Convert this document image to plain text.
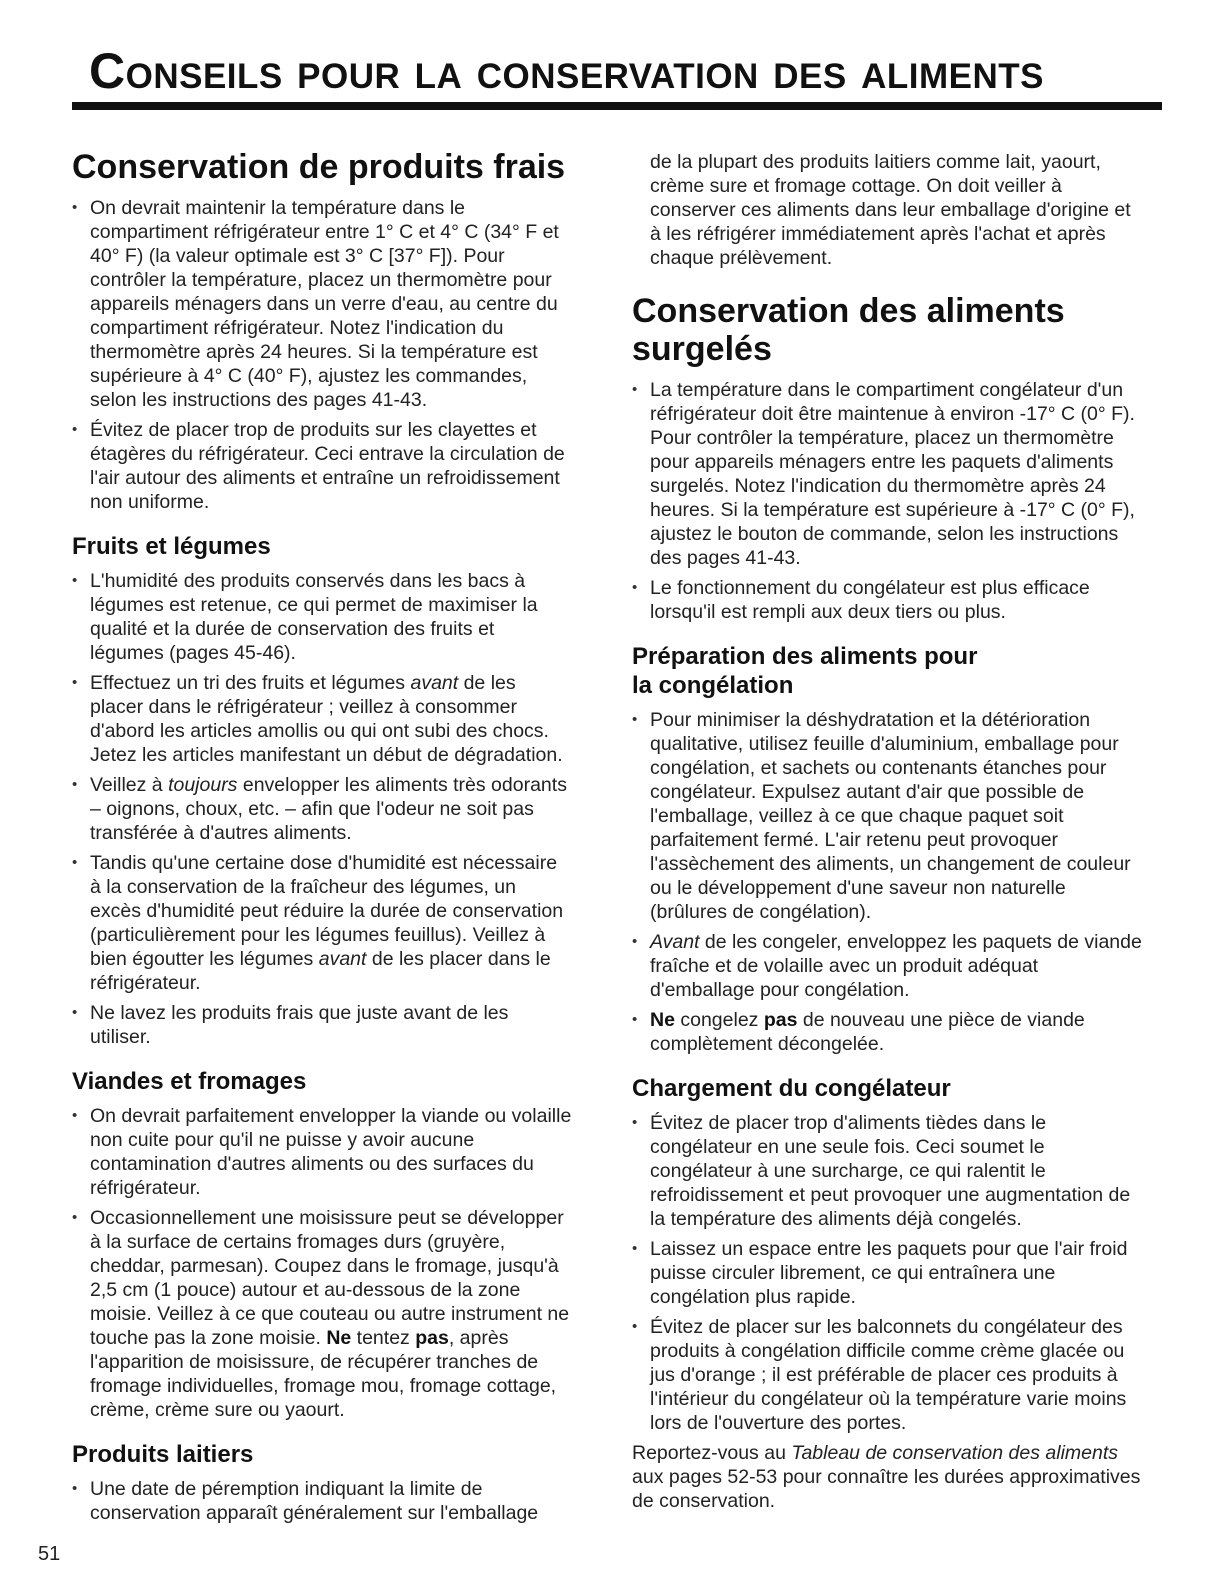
Conseils pour la conservation des aliments
Conservation de produits frais
• On devrait maintenir la température dans le compartiment réfrigérateur entre 1° C et 4° C (34° F et 40° F) (la valeur optimale est 3° C [37° F]). Pour contrôler la température, placez un thermomètre pour appareils ménagers dans un verre d'eau, au centre du compartiment réfrigérateur. Notez l'indication du thermomètre après 24 heures. Si la température est supérieure à 4° C (40° F), ajustez les commandes, selon les instructions des pages 41-43.
• Évitez de placer trop de produits sur les clayettes et étagères du réfrigérateur. Ceci entrave la circulation de l'air autour des aliments et entraîne un refroidissement non uniforme.
Fruits et légumes
• L'humidité des produits conservés dans les bacs à légumes est retenue, ce qui permet de maximiser la qualité et la durée de conservation des fruits et légumes (pages 45-46).
• Effectuez un tri des fruits et légumes avant de les placer dans le réfrigérateur ; veillez à consommer d'abord les articles amollis ou qui ont subi des chocs. Jetez les articles manifestant un début de dégradation.
• Veillez à toujours envelopper les aliments très odorants – oignons, choux, etc. – afin que l'odeur ne soit pas transférée à d'autres aliments.
• Tandis qu'une certaine dose d'humidité est nécessaire à la conservation de la fraîcheur des légumes, un excès d'humidité peut réduire la durée de conservation (particulièrement pour les légumes feuillus). Veillez à bien égoutter les légumes avant de les placer dans le réfrigérateur.
• Ne lavez les produits frais que juste avant de les utiliser.
Viandes et fromages
• On devrait parfaitement envelopper la viande ou volaille non cuite pour qu'il ne puisse y avoir aucune contamination d'autres aliments ou des surfaces du réfrigérateur.
• Occasionnellement une moisissure peut se développer à la surface de certains fromages durs (gruyère, cheddar, parmesan). Coupez dans le fromage, jusqu'à 2,5 cm (1 pouce) autour et au-dessous de la zone moisie. Veillez à ce que couteau ou autre instrument ne touche pas la zone moisie. Ne tentez pas, après l'apparition de moisissure, de récupérer tranches de fromage individuelles, fromage mou, fromage cottage, crème, crème sure ou yaourt.
Produits laitiers
• Une date de péremption indiquant la limite de conservation apparaît généralement sur l'emballage

de la plupart des produits laitiers comme lait, yaourt, crème sure et fromage cottage. On doit veiller à conserver ces aliments dans leur emballage d'origine et à les réfrigérer immédiatement après l'achat et après chaque prélèvement.

Conservation des aliments surgelés
• La température dans le compartiment congélateur d'un réfrigérateur doit être maintenue à environ -17° C (0° F). Pour contrôler la température, placez un thermomètre pour appareils ménagers entre les paquets d'aliments surgelés. Notez l'indication du thermomètre après 24 heures. Si la température est supérieure à -17° C (0° F), ajustez le bouton de commande, selon les instructions des pages 41-43.
• Le fonctionnement du congélateur est plus efficace lorsqu'il est rempli aux deux tiers ou plus.
Préparation des aliments pour
la congélation
• Pour minimiser la déshydratation et la détérioration qualitative, utilisez feuille d'aluminium, emballage pour congélation, et sachets ou contenants étanches pour congélateur. Expulsez autant d'air que possible de l'emballage, veillez à ce que chaque paquet soit parfaitement fermé. L'air retenu peut provoquer l'assèchement des aliments, un changement de couleur ou le développement d'une saveur non naturelle (brûlures de congélation).
• Avant de les congeler, enveloppez les paquets de viande fraîche et de volaille avec un produit adéquat d'emballage pour congélation.
• Ne congelez pas de nouveau une pièce de viande complètement décongelée.
Chargement du congélateur
• Évitez de placer trop d'aliments tièdes dans le congélateur en une seule fois. Ceci soumet le congélateur à une surcharge, ce qui ralentit le refroidissement et peut provoquer une augmentation de la température des aliments déjà congelés.
• Laissez un espace entre les paquets pour que l'air froid puisse circuler librement, ce qui entraînera une congélation plus rapide.
• Évitez de placer sur les balconnets du congélateur des produits à congélation difficile comme crème glacée ou jus d'orange ; il est préférable de placer ces produits à l'intérieur du congélateur où la température varie moins lors de l'ouverture des portes.

Reportez-vous au Tableau de conservation des aliments aux pages 52-53 pour connaître les durées approximatives de conservation.

51
